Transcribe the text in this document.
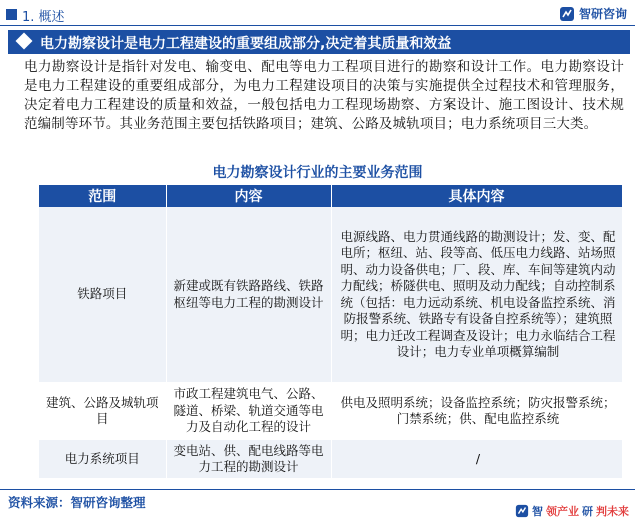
1. 概述	智研咨询
电力勘察设计是电力工程建设的重要组成部分,决定着其质量和效益
电力勘察设计是指针对发电、输变电、配电等电力工程项目进行的勘察和设计工作。电力勘察设计是电力工程建设的重要组成部分，为电力工程建设项目的决策与实施提供全过程技术和管理服务，决定着电力工程建设的质量和效益，一般包括电力工程现场勘察、方案设计、施工图设计、技术规范编制等环节。其业务范围主要包括铁路项目；建筑、公路及城轨项目；电力系统项目三大类。
电力勘察设计行业的主要业务范围
范围	内容	具体内容
铁路项目	新建或既有铁路路线、铁路枢纽等电力工程的勘测设计	电源线路、电力贯通线路的勘测设计；发、变、配电所；枢纽、站、段等高、低压电力线路、站场照明、动力设备供电；厂、段、库、车间等建筑内动力配线；桥隧供电、照明及动力配线；自动控制系统（包括：电力远动系统、机电设备监控系统、消防报警系统、铁路专有设备自控系统等）；建筑照明；电力迁改工程调查及设计；电力永临结合工程设计；电力专业单项概算编制
建筑、公路及城轨项目	市政工程建筑电气、公路、隧道、桥梁、轨道交通等电力及自动化工程的设计	供电及照明系统；设备监控系统；防灾报警系统；门禁系统；供、配电监控系统
电力系统项目	变电站、供、配电线路等电力工程的勘测设计	/
资料来源：智研咨询整理
智 领产业 研 判未来
